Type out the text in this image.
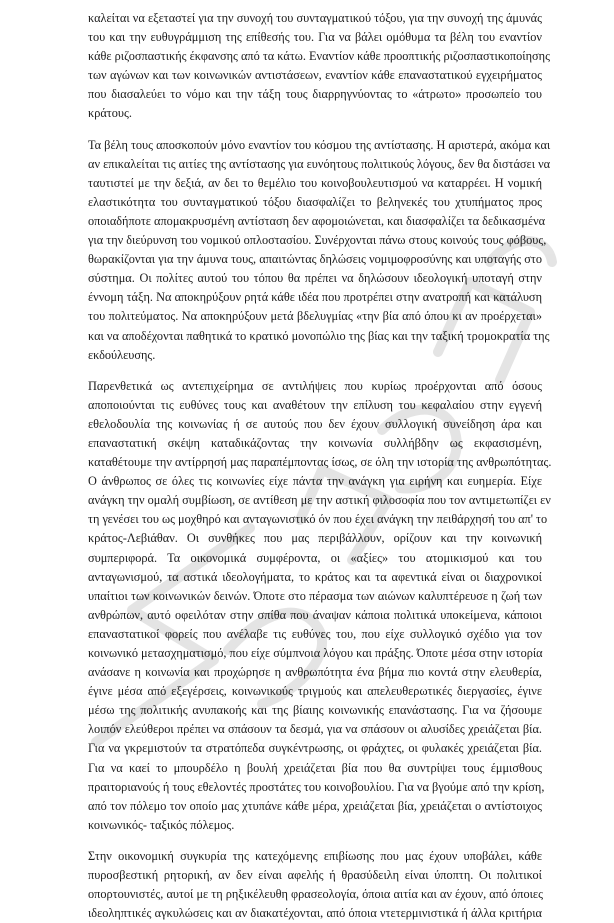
καλείται να εξεταστεί για την συνοχή του συνταγματικού τόξου, για την συνοχή της άμυνάς
του και την ευθυγράμμιση της επίθεσής του. Για να βάλει ομόθυμα τα βέλη του εναντίον
κάθε ριζοσπαστικής έκφανσης από τα κάτω. Εναντίον κάθε προοπτικής ριζοσπαστικοποίησης
των αγώνων και των κοινωνικών αντιστάσεων, εναντίον κάθε επαναστατικού εγχειρήματος
που διασαλεύει το νόμο και την τάξη τους διαρρηγνύοντας το «άτρωτο» προσωπείο του
κράτους.
Τα βέλη τους αποσκοπούν μόνο εναντίον του κόσμου της αντίστασης. Η αριστερά, ακόμα και
αν επικαλείται τις αιτίες της αντίστασης για ευνόητους πολιτικούς λόγους, δεν θα διστάσει να
ταυτιστεί με την δεξιά, αν δει το θεμέλιο του κοινοβουλευτισμού να καταρρέει. Η νομική
ελαστικότητα του συνταγματικού τόξου διασφαλίζει το βεληνεκές του χτυπήματος προς
οποιαδήποτε απομακρυσμένη αντίσταση δεν αφομοιώνεται, και διασφαλίζει τα δεδικασμένα
για την διεύρυνση του νομικού οπλοστασίου. Συνέρχονται πάνω στους κοινούς τους φόβους,
θωρακίζονται για την άμυνα τους, απαιτώντας δηλώσεις νομιμοφροσύνης και υποταγής στο
σύστημα. Οι πολίτες αυτού του τόπου θα πρέπει να δηλώσουν ιδεολογική υποταγή στην
έννομη τάξη. Να αποκηρύξουν ρητά κάθε ιδέα που προτρέπει στην ανατροπή και κατάλυση
του πολιτεύματος. Να αποκηρύξουν μετά βδελυγμίας «την βία από όπου κι αν προέρχεται»
και να αποδέχονται παθητικά το κρατικό μονοπώλιο της βίας και την ταξική τρομοκρατία της
εκδούλευσης.
Παρενθετικά ως αντεπιχείρημα σε αντιλήψεις που κυρίως προέρχονται από όσους
αποποιούνται τις ευθύνες τους και αναθέτουν την επίλυση του κεφαλαίου στην εγγενή
εθελοδουλία της κοινωνίας ή σε αυτούς που δεν έχουν συλλογική συνείδηση άρα και
επαναστατική σκέψη καταδικάζοντας την κοινωνία συλλήβδην ως εκφασισμένη,
καταθέτουμε την αντίρρησή μας παραπέμποντας ίσως, σε όλη την ιστορία της ανθρωπότητας.
Ο άνθρωπος σε όλες τις κοινωνίες είχε πάντα την ανάγκη για ειρήνη και ευημερία. Είχε
ανάγκη την ομαλή συμβίωση, σε αντίθεση με την αστική φιλοσοφία που τον αντιμετωπίζει εν
τη γενέσει του ως μοχθηρό και ανταγωνιστικό όν που έχει ανάγκη την πειθάρχησή του απ' το
κράτος-Λεβιάθαν. Οι συνθήκες που μας περιβάλλουν, ορίζουν και την κοινωνική
συμπεριφορά. Τα οικονομικά συμφέροντα, οι «αξίες» του ατομικισμού και του
ανταγωνισμού, τα αστικά ιδεολογήματα, το κράτος και τα αφεντικά είναι οι διαχρονικοί
υπαίτιοι των κοινωνικών δεινών. Όποτε στο πέρασμα των αιώνων καλυπτέρευσε η ζωή των
ανθρώπων, αυτό οφειλόταν στην σπίθα που άναψαν κάποια πολιτικά υποκείμενα, κάποιοι
επαναστατικοί φορείς που ανέλαβε τις ευθύνες του, που είχε συλλογικό σχέδιο για τον
κοινωνικό μετασχηματισμό, που είχε σύμπνοια λόγου και πράξης. Όποτε μέσα στην ιστορία
ανάσανε η κοινωνία και προχώρησε η ανθρωπότητα ένα βήμα πιο κοντά στην ελευθερία,
έγινε μέσα από εξεγέρσεις, κοινωνικούς τριγμούς και απελευθερωτικές διεργασίες, έγινε
μέσω της πολιτικής ανυπακοής και της βίαιης κοινωνικής επανάστασης. Για να ζήσουμε
λοιπόν ελεύθεροι πρέπει να σπάσουν τα δεσμά, για να σπάσουν οι αλυσίδες χρειάζεται βία.
Για να γκρεμιστούν τα στρατόπεδα συγκέντρωσης, οι φράχτες, οι φυλακές χρειάζεται βία.
Για να καεί το μπουρδέλο η βουλή χρειάζεται βία που θα συντρίψει τους έμμισθους
πραιτοριανούς ή τους εθελοντές προστάτες του κοινοβουλίου. Για να βγούμε από την κρίση,
από τον πόλεμο τον οποίο μας χτυπάνε κάθε μέρα, χρειάζεται βία, χρειάζεται ο αντίστοιχος
κοινωνικός- ταξικός πόλεμος.
Στην οικονομική συγκυρία της κατεχόμενης επιβίωσης που μας έχουν υποβάλει, κάθε
πυροσβεστική ρητορική, αν δεν είναι αφελής ή θρασύδειλη είναι ύποπτη. Οι πολιτικοί
οπορτουνιστές, αυτοί με τη ρηξικέλευθη φρασεολογία, όποια αιτία και αν έχουν, από όποιες
ιδεοληπτικές αγκυλώσεις και αν διακατέχονται, από όποια ντετερμινιστικά ή άλλα κριτήρια
